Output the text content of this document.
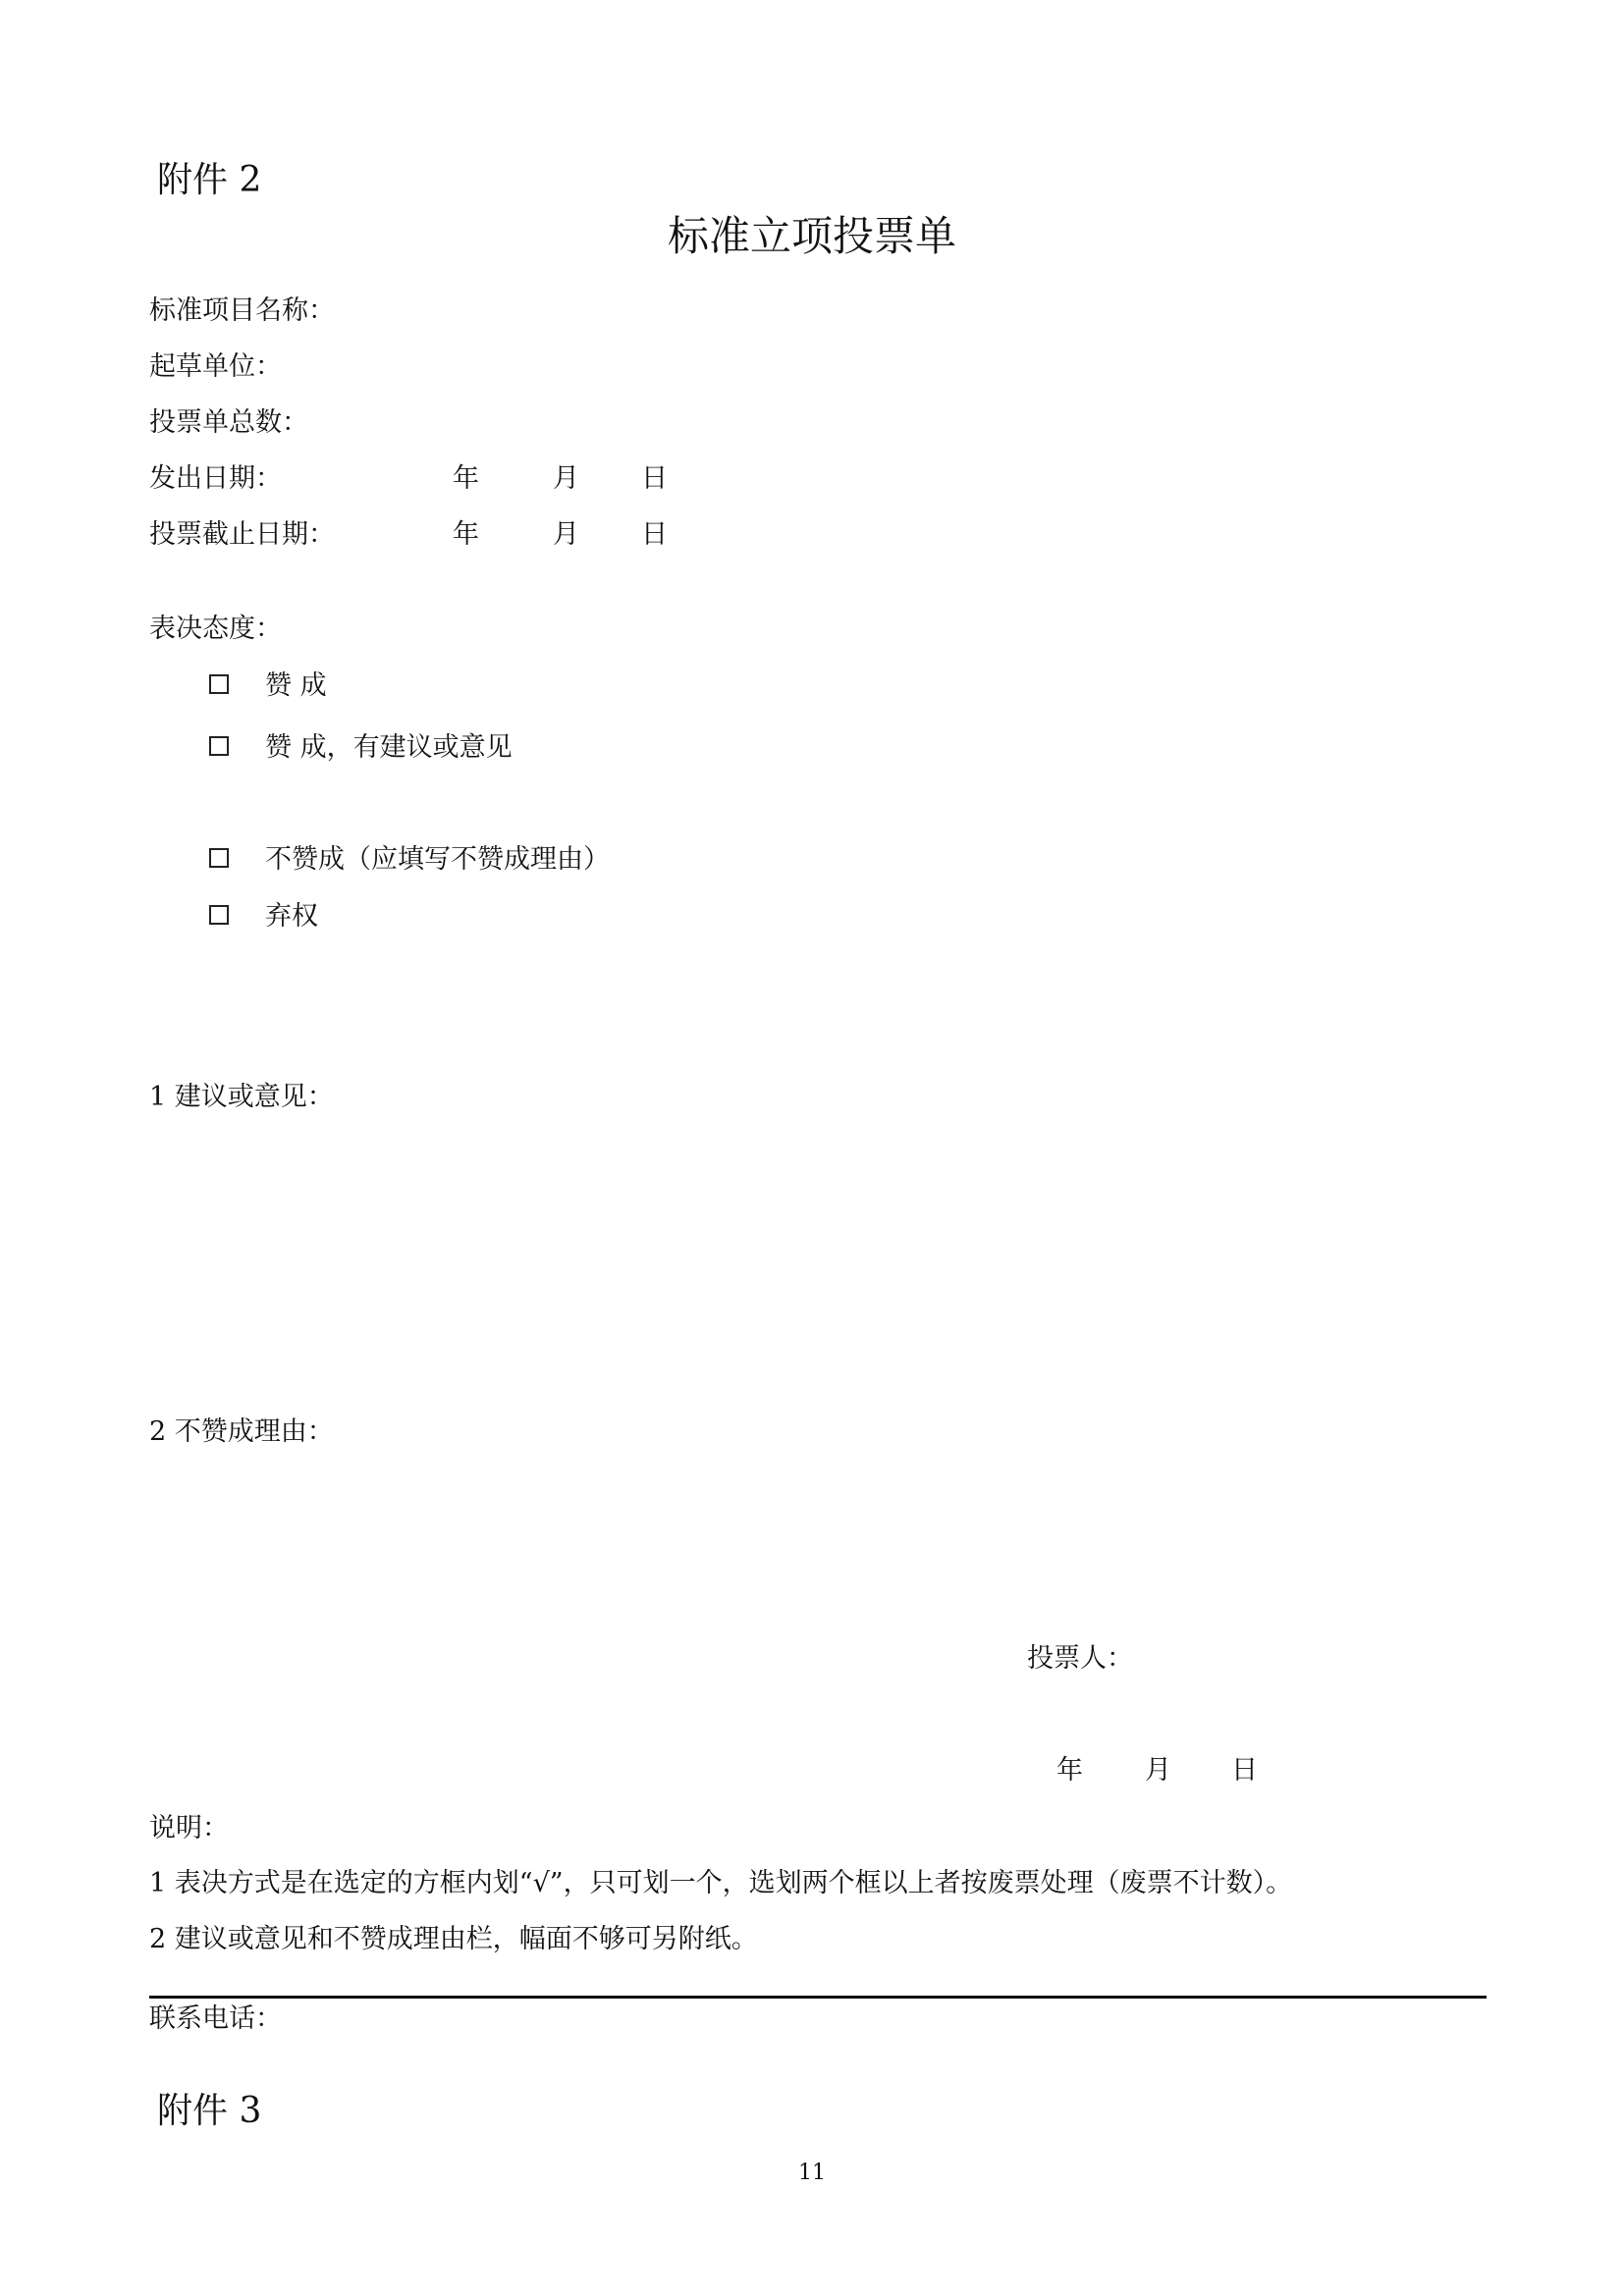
附件 2
标准立项投票单
标准项目名称：
起草单位：
投票单总数：
发出日期：	年	月 日
投票截止日期：	年	月 日
表决态度：
赞 成
赞 成，有建议或意见
不赞成（应填写不赞成理由）
弃权
1 建议或意见：
2 不赞成理由：
投票人：
年 月 日
说明：
1 表决方式是在选定的方框内划“√”，只可划一个，选划两个框以上者按废票处理（废票不计数）。
2 建议或意见和不赞成理由栏，幅面不够可另附纸。
联系电话：
附件 3
11
